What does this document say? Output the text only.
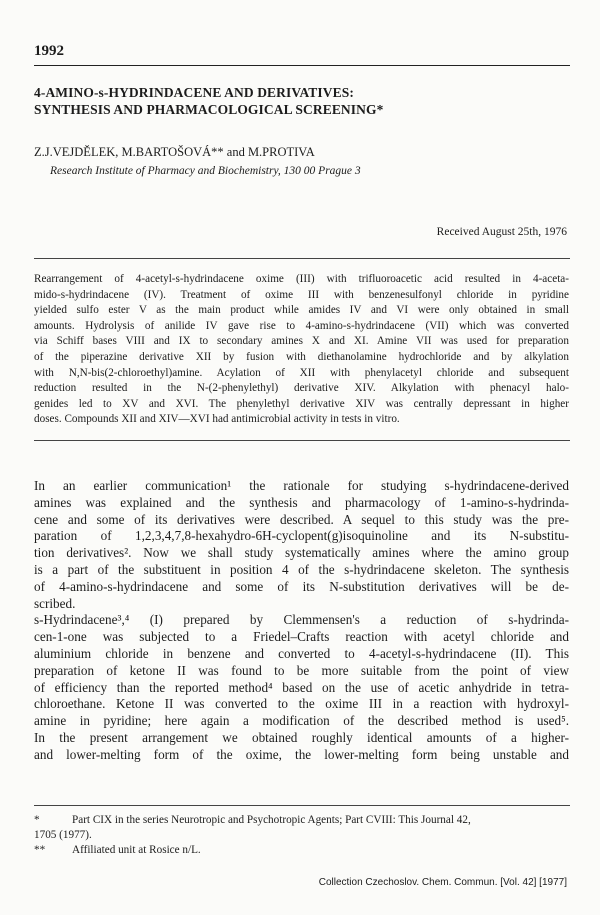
1992
4-AMINO-s-HYDRINDACENE AND DERIVATIVES:
SYNTHESIS AND PHARMACOLOGICAL SCREENING*
Z.J.VEJDĚLEK, M.BARTOŠOVÁ** and M.PROTIVA
Research Institute of Pharmacy and Biochemistry, 130 00 Prague 3
Received August 25th, 1976
Rearrangement of 4-acetyl-s-hydrindacene oxime (III) with trifluoroacetic acid resulted in 4-aceta-
mido-s-hydrindacene (IV). Treatment of oxime III with benzenesulfonyl chloride in pyridine
yielded sulfo ester V as the main product while amides IV and VI were only obtained in small
amounts. Hydrolysis of anilide IV gave rise to 4-amino-s-hydrindacene (VII) which was converted
via Schiff bases VIII and IX to secondary amines X and XI. Amine VII was used for preparation
of the piperazine derivative XII by fusion with diethanolamine hydrochloride and by alkylation
with N,N-bis(2-chloroethyl)amine. Acylation of XII with phenylacetyl chloride and subsequent
reduction resulted in the N-(2-phenylethyl) derivative XIV. Alkylation with phenacyl halo-
genides led to XV and XVI. The phenylethyl derivative XIV was centrally depressant in higher
doses. Compounds XII and XIV—XVI had antimicrobial activity in tests in vitro.
In an earlier communication¹ the rationale for studying s-hydrindacene-derived
amines was explained and the synthesis and pharmacology of 1-amino-s-hydrinda-
cene and some of its derivatives were described. A sequel to this study was the pre-
paration of 1,2,3,4,7,8-hexahydro-6H-cyclopent(g)isoquinoline and its N-substitu-
tion derivatives². Now we shall study systematically amines where the amino group
is a part of the substituent in position 4 of the s-hydrindacene skeleton. The synthesis
of 4-amino-s-hydrindacene and some of its N-substitution derivatives will be de-
scribed.
s-Hydrindacene³,⁴ (I) prepared by Clemmensen's a reduction of s-hydrinda-
cen-1-one was subjected to a Friedel–Crafts reaction with acetyl chloride and
aluminium chloride in benzene and converted to 4-acetyl-s-hydrindacene (II). This
preparation of ketone II was found to be more suitable from the point of view
of efficiency than the reported method⁴ based on the use of acetic anhydride in tetra-
chloroethane. Ketone II was converted to the oxime III in a reaction with hydroxyl-
amine in pyridine; here again a modification of the described method is used⁵.
In the present arrangement we obtained roughly identical amounts of a higher-
and lower-melting form of the oxime, the lower-melting form being unstable and
*	Part CIX in the series Neurotropic and Psychotropic Agents; Part CVIII: This Journal 42,
1705 (1977).
**	Affiliated unit at Rosice n/L.
Collection Czechoslov. Chem. Commun. [Vol. 42] [1977]
